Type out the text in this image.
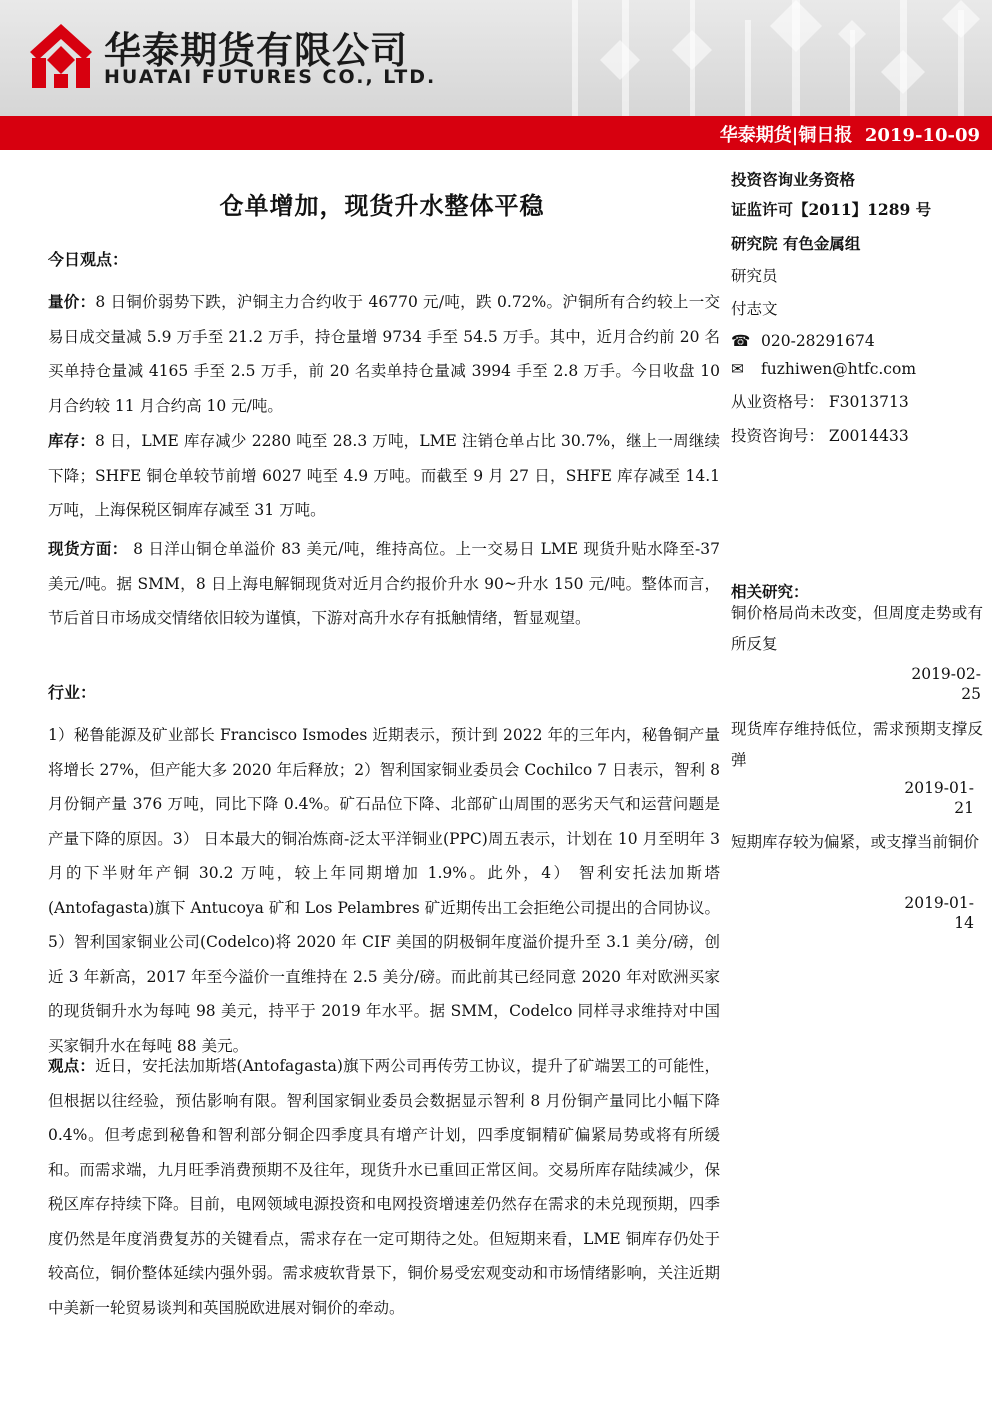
华泰期货有限公司
HUATAI FUTURES CO., LTD.
华泰期货|铜日报  2019-10-09
仓单增加，现货升水整体平稳
今日观点：

量价：8 日铜价弱势下跌，沪铜主力合约收于 46770 元/吨，跌 0.72%。沪铜所有合约较上一交易日成交量减 5.9 万手至 21.2 万手，持仓量增 9734 手至 54.5 万手。其中，近月合约前 20 名买单持仓量减 4165 手至 2.5 万手，前 20 名卖单持仓量减 3994 手至 2.8 万手。今日收盘 10 月合约较 11 月合约高 10 元/吨。

库存：8 日，LME 库存减少 2280 吨至 28.3 万吨，LME 注销仓单占比 30.7%，继上一周继续下降；SHFE 铜仓单较节前增 6027 吨至 4.9 万吨。而截至 9 月 27 日，SHFE 库存减至 14.1 万吨，上海保税区铜库存减至 31 万吨。

现货方面： 8 日洋山铜仓单溢价 83 美元/吨，维持高位。上一交易日 LME 现货升贴水降至-37 美元/吨。据 SMM，8 日上海电解铜现货对近月合约报价升水 90~升水 150 元/吨。整体而言，节后首日市场成交情绪依旧较为谨慎，下游对高升水存有抵触情绪，暂显观望。

行业：

1）秘鲁能源及矿业部长 Francisco Ismodes 近期表示，预计到 2022 年的三年内，秘鲁铜产量将增长 27%，但产能大多 2020 年后释放；2）智利国家铜业委员会 Cochilco 7 日表示，智利 8 月份铜产量 376 万吨，同比下降 0.4%。矿石品位下降、北部矿山周围的恶劣天气和运营问题是产量下降的原因。3） 日本最大的铜冶炼商-泛太平洋铜业(PPC)周五表示，计划在 10 月至明年 3 月的下半财年产铜 30.2 万吨，较上年同期增加 1.9%。此外，4） 智利安托法加斯塔(Antofagasta)旗下 Antucoya 矿和 Los Pelambres 矿近期传出工会拒绝公司提出的合同协议。5）智利国家铜业公司(Codelco)将 2020 年 CIF 美国的阴极铜年度溢价提升至 3.1 美分/磅，创近 3 年新高，2017 年至今溢价一直维持在 2.5 美分/磅。而此前其已经同意 2020 年对欧洲买家的现货铜升水为每吨 98 美元，持平于 2019 年水平。据 SMM，Codelco 同样寻求维持对中国买家铜升水在每吨 88 美元。

观点：近日，安托法加斯塔(Antofagasta)旗下两公司再传劳工协议，提升了矿端罢工的可能性，但根据以往经验，预估影响有限。智利国家铜业委员会数据显示智利 8 月份铜产量同比小幅下降 0.4%。但考虑到秘鲁和智利部分铜企四季度具有增产计划，四季度铜精矿偏紧局势或将有所缓和。而需求端，九月旺季消费预期不及往年，现货升水已重回正常区间。交易所库存陆续减少，保税区库存持续下降。目前，电网领域电源投资和电网投资增速差仍然存在需求的未兑现预期，四季度仍然是年度消费复苏的关键看点，需求存在一定可期待之处。但短期来看，LME 铜库存仍处于较高位，铜价整体延续内强外弱。需求疲软背景下，铜价易受宏观变动和市场情绪影响，关注近期中美新一轮贸易谈判和英国脱欧进展对铜价的牵动。

投资咨询业务资格
证监许可【2011】1289 号
研究院 有色金属组
研究员
付志文
☎ 020-28291674
✉ fuzhiwen@htfc.com
从业资格号： F3013713
投资咨询号： Z0014433
相关研究：
铜价格局尚未改变，但周度走势或有所反复
2019-02-25
现货库存维持低位，需求预期支撑反弹
2019-01-21
短期库存较为偏紧，或支撑当前铜价
2019-01-14
